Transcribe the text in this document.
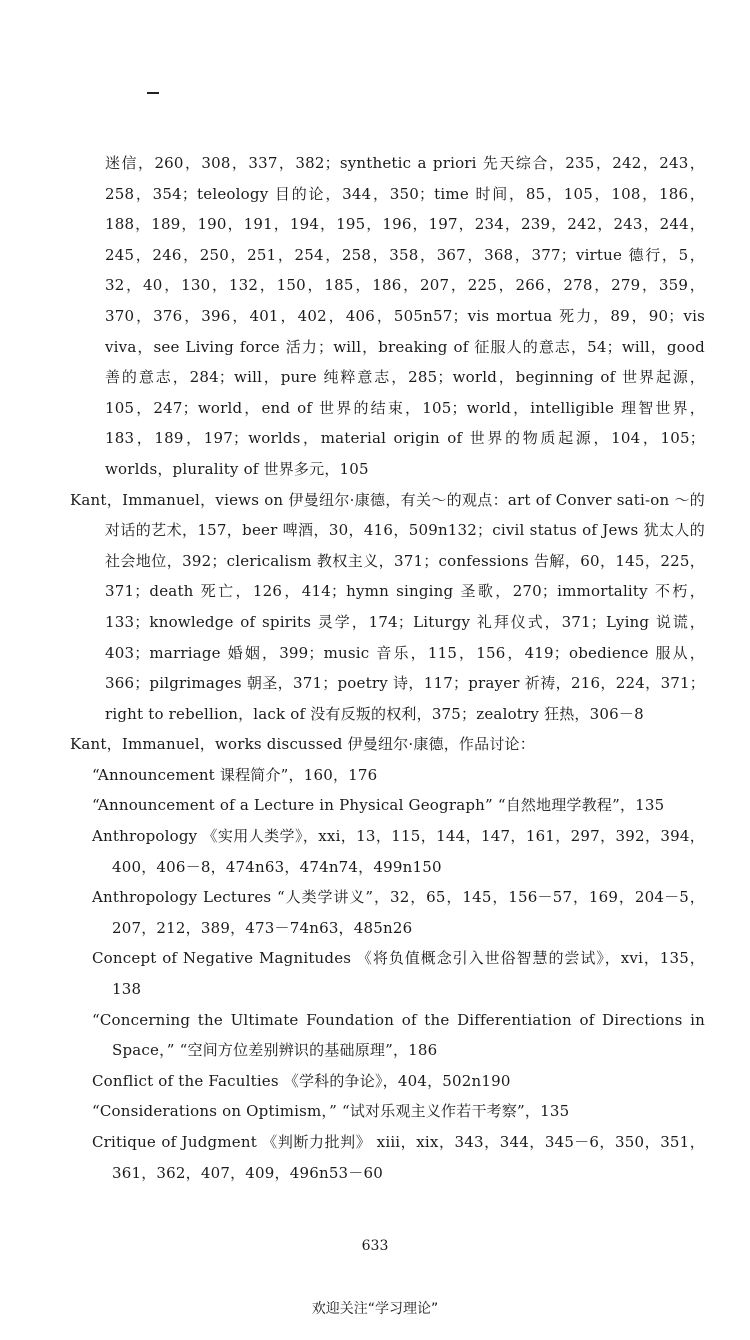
迷信，260，308，337，382；synthetic a priori 先天综合，235，242，243，258，354；teleology 目的论，344，350；time 时间，85，105，108，186，188，189，190，191，194，195，196，197，234，239，242，243，244，245，246，250，251，254，258，358，367，368，377；virtue 德行，5，32，40，130，132，150，185，186，207，225，266，278，279，359，370，376，396，401，402，406，505n57；vis mortua 死力，89，90；vis viva，see Living force 活力；will，breaking of 征服人的意志，54；will，good 善的意志，284；will，pure 纯粹意志，285；world，beginning of 世界起源，105，247；world，end of 世界的结束，105；world，intelligible 理智世界，183，189，197；worlds，material origin of 世界的物质起源，104，105；worlds，plurality of 世界多元，105

Kant，Immanuel，views on 伊曼纽尔·康德，有关～的观点：art of Conver sati-on ～的对话的艺术，157，beer 啤酒，30，416，509n132；civil status of Jews 犹太人的社会地位，392；clericalism 教权主义，371；confessions 告解，60，145，225，371；death 死亡，126，414；hymn singing 圣歌，270；immortality 不朽，133；knowledge of spirits 灵学，174；Liturgy 礼拜仪式，371；Lying 说谎，403；marriage 婚姻，399；music 音乐，115，156，419；obedience 服从，366；pilgrimages 朝圣，371；poetry 诗，117；prayer 祈祷，216，224，371；right to rebellion，lack of 没有反叛的权利，375；zealotry 狂热，306－8

Kant，Immanuel，works discussed 伊曼纽尔·康德，作品讨论：

“Announcement 课程简介”，160，176

“Announcement of a Lecture in Physical Geograph” “自然地理学教程”，135

Anthropology 《实用人类学》，xxi，13，115，144，147，161，297，392，394，400，406－8，474n63，474n74，499n150

Anthropology Lectures “人类学讲义”，32，65，145，156－57，169，204－5，207，212，389，473－74n63，485n26

Concept of Negative Magnitudes 《将负值概念引入世俗智慧的尝试》，xvi，135，138

“Concerning the Ultimate Foundation of the Differentiation of Directions in Space，” “空间方位差别辨识的基础原理”，186

Conflict of the Faculties 《学科的争论》，404，502n190

“Considerations on Optimism，” “试对乐观主义作若干考察”，135

Critique of Judgment 《判断力批判》 xiii，xix，343，344，345－6，350，351，361，362，407，409，496n53－60

633
欢迎关注“学习理论”
